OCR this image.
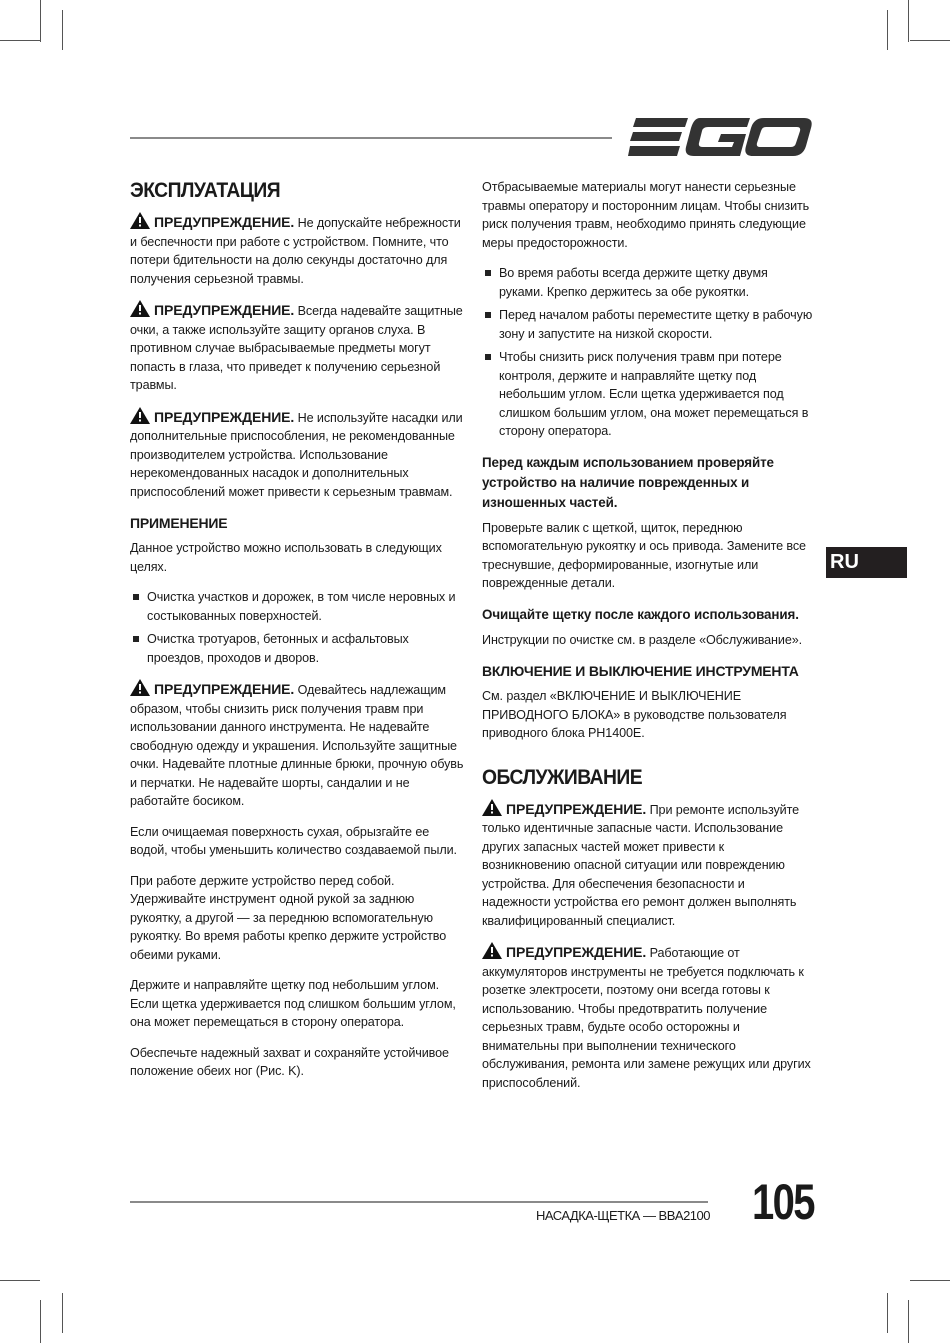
ЭКСПЛУАТАЦИЯ

ПРЕДУПРЕЖДЕНИЕ. Не допускайте небрежности и беспечности при работе с устройством. Помните, что потери бдительности на долю секунды достаточно для получения серьезной травмы.

ПРЕДУПРЕЖДЕНИЕ. Всегда надевайте защитные очки, а также используйте защиту органов слуха. В противном случае выбрасываемые предметы могут попасть в глаза, что приведет к получению серьезной травмы.

ПРЕДУПРЕЖДЕНИЕ. Не используйте насадки или дополнительные приспособления, не рекомендованные производителем устройства. Использование нерекомендованных насадок и дополнительных приспособлений может привести к серьезным травмам.

ПРИМЕНЕНИЕ

Данное устройство можно использовать в следующих целях.

Очистка участков и дорожек, в том числе неровных и состыкованных поверхностей.
Очистка тротуаров, бетонных и асфальтовых проездов, проходов и дворов.

ПРЕДУПРЕЖДЕНИЕ. Одевайтесь надлежащим образом, чтобы снизить риск получения травм при использовании данного инструмента. Не надевайте свободную одежду и украшения. Используйте защитные очки. Надевайте плотные длинные брюки, прочную обувь и перчатки. Не надевайте шорты, сандалии и не работайте босиком.

Если очищаемая поверхность сухая, обрызгайте ее водой, чтобы уменьшить количество создаваемой пыли.

При работе держите устройство перед собой. Удерживайте инструмент одной рукой за заднюю рукоятку, а другой — за переднюю вспомогательную рукоятку. Во время работы крепко держите устройство обеими руками.

Держите и направляйте щетку под небольшим углом. Если щетка удерживается под слишком большим углом, она может перемещаться в сторону оператора.

Обеспечьте надежный захват и сохраняйте устойчивое положение обеих ног (Рис. K).

Отбрасываемые материалы могут нанести серьезные травмы оператору и посторонним лицам. Чтобы снизить риск получения травм, необходимо принять следующие меры предосторожности.

Во время работы всегда держите щетку двумя руками. Крепко держитесь за обе рукоятки.
Перед началом работы переместите щетку в рабочую зону и запустите на низкой скорости.
Чтобы снизить риск получения травм при потере контроля, держите и направляйте щетку под небольшим углом. Если щетка удерживается под слишком большим углом, она может перемещаться в сторону оператора.
Перед каждым использованием проверяйте устройство на наличие поврежденных и изношенных частей.

Проверьте валик с щеткой, щиток, переднюю вспомогательную рукоятку и ось привода. Замените все треснувшие, деформированные, изогнутые или поврежденные детали.

Очищайте щетку после каждого использования.

Инструкции по очистке см. в разделе «Обслуживание».

ВКЛЮЧЕНИЕ И ВЫКЛЮЧЕНИЕ ИНСТРУМЕНТА

См. раздел «ВКЛЮЧЕНИЕ И ВЫКЛЮЧЕНИЕ ПРИВОДНОГО БЛОКА» в руководстве пользователя приводного блока PH1400E.

ОБСЛУЖИВАНИЕ

ПРЕДУПРЕЖДЕНИЕ. При ремонте используйте только идентичные запасные части. Использование других запасных частей может привести к возникновению опасной ситуации или повреждению устройства. Для обеспечения безопасности и надежности устройства его ремонт должен выполнять квалифицированный специалист.

ПРЕДУПРЕЖДЕНИЕ. Работающие от аккумуляторов инструменты не требуется подключать к розетке электросети, поэтому они всегда готовы к использованию. Чтобы предотвратить получение серьезных травм, будьте особо осторожны и внимательны при выполнении технического обслуживания, ремонта или замене режущих или других приспособлений.

RU
НАСАДКА-ЩЕТКА — BBA2100 105
